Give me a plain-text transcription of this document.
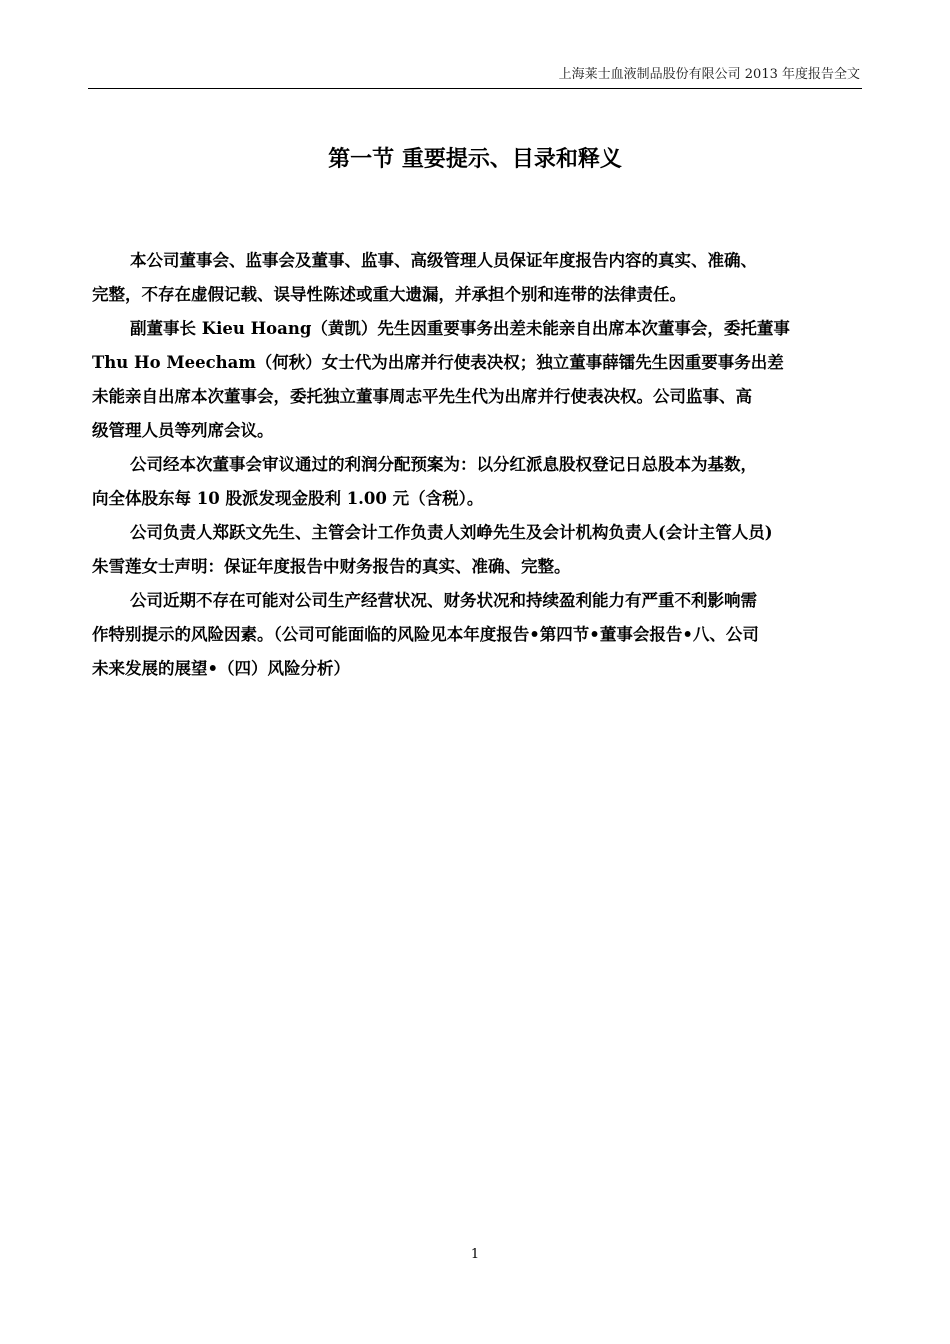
上海莱士血液制品股份有限公司 2013 年度报告全文
第一节 重要提示、目录和释义

本公司董事会、监事会及董事、监事、高级管理人员保证年度报告内容的真实、准确、
完整，不存在虚假记载、误导性陈述或重大遗漏，并承担个别和连带的法律责任。

副董事长 Kieu Hoang（黄凯）先生因重要事务出差未能亲自出席本次董事会，委托董事
Thu Ho Meecham（何秋）女士代为出席并行使表决权；独立董事薛镭先生因重要事务出差
未能亲自出席本次董事会，委托独立董事周志平先生代为出席并行使表决权。公司监事、高
级管理人员等列席会议。

公司经本次董事会审议通过的利润分配预案为：以分红派息股权登记日总股本为基数，
向全体股东每 10 股派发现金股利 1.00 元（含税）。

公司负责人郑跃文先生、主管会计工作负责人刘峥先生及会计机构负责人(会计主管人员)
朱雪莲女士声明：保证年度报告中财务报告的真实、准确、完整。

公司近期不存在可能对公司生产经营状况、财务状况和持续盈利能力有严重不利影响需
作特别提示的风险因素。（公司可能面临的风险见本年度报告•第四节•董事会报告•八、公司
未来发展的展望•（四）风险分析）

1
